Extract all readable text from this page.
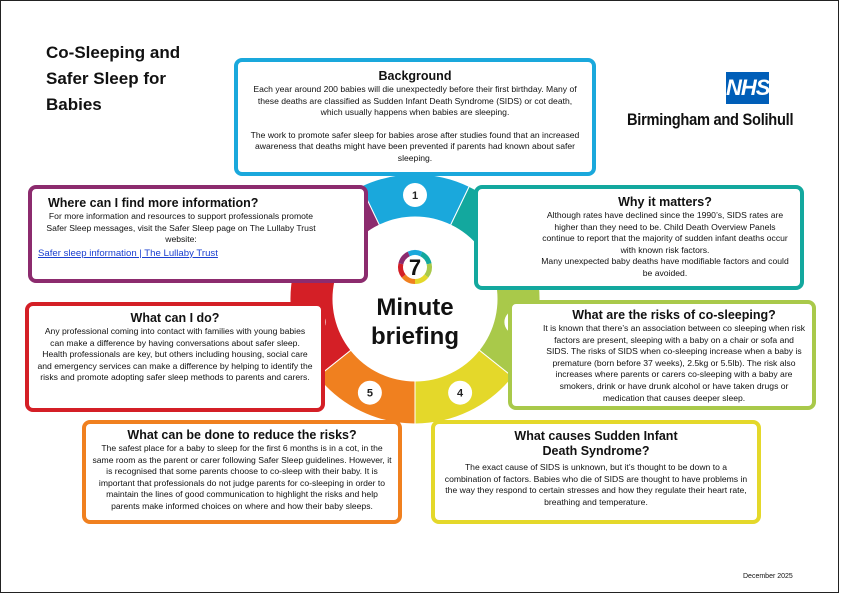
Co-Sleeping and
Safer Sleep for
Babies
NHS
Birmingham and Solihull
1
4
5
7
Minute
briefing
Background

Each year around 200 babies will die unexpectedly before their first birthday. Many of these deaths are classified as Sudden Infant Death Syndrome (SIDS) or cot death, which usually happens when babies are sleeping.

The work to promote safer sleep for babies arose after studies found that an increased awareness that deaths might have been prevented if parents had known about safer sleeping.

Why it matters?

Although rates have declined since the 1990’s, SIDS rates are higher than they need to be. Child Death Overview Panels continue to report that the majority of sudden infant deaths occur with known risk factors.

Many unexpected baby deaths have modifiable factors and could be avoided.

What are the risks of co-sleeping?

It is known that there’s an association between co sleeping when risk factors are present, sleeping with a baby on a chair or sofa and SIDS. The risks of SIDS when co-sleeping increase when a baby is premature (born before 37 weeks), 2.5kg or 5.5lb). The risk also increases where parents or carers co-sleeping with a baby are smokers, drink or have drunk alcohol or have taken drugs or medication that causes deeper sleep.

What causes Sudden Infant Death Syndrome?

The exact cause of SIDS is unknown, but it’s thought to be down to a combination of factors. Babies who die of SIDS are thought to have problems in the way they respond to certain stresses and how they regulate their heart rate, breathing and temperature.

What can be done to reduce the risks?

The safest place for a baby to sleep for the first 6 months is in a cot, in the same room as the parent or carer following Safer Sleep guidelines. However, it is recognised that some parents choose to co-sleep with their baby. It is important that professionals do not judge parents for co-sleeping in order to maintain the lines of good communication to highlight the risks and help parents make informed choices on where and how their baby sleeps.

What can I do?

Any professional coming into contact with families with young babies can make a difference by having conversations about safer sleep. Health professionals are key, but others including housing, social care and emergency services can make a difference by helping to identify the risks and promote adopting safer sleep methods to parents and carers.

Where can I find more information?

For more information and resources to support professionals promote Safer Sleep messages, visit the Safer Sleep page on The Lullaby Trust website:

Safer sleep information | The Lullaby Trust
December 2025
